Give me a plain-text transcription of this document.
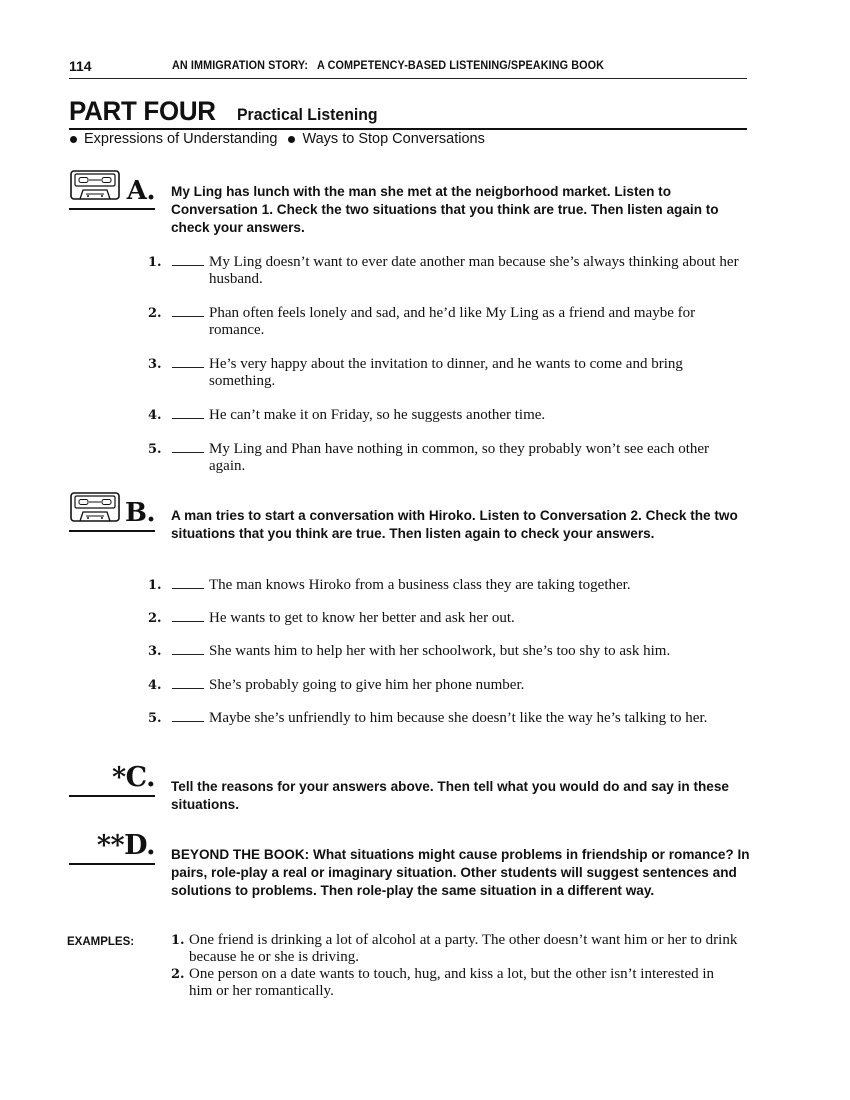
114	AN IMMIGRATION STORY:   A COMPETENCY-BASED LISTENING/SPEAKING BOOK
PART FOUR Practical Listening
Expressions of Understanding Ways to Stop Conversations
A. My Ling has lunch with the man she met at the neigborhood market. Listen to Conversation 1. Check the two situations that you think are true. Then listen again to check your answers.
1.	My Ling doesn’t want to ever date another man because she’s always thinking about her husband.
2.	Phan often feels lonely and sad, and he’d like My Ling as a friend and maybe for romance.
3.	He’s very happy about the invitation to dinner, and he wants to come and bring something.
4.	He can’t make it on Friday, so he suggests another time.
5.	My Ling and Phan have nothing in common, so they probably won’t see each other again.
B. A man tries to start a conversation with Hiroko. Listen to Conversation 2. Check the two situations that you think are true. Then listen again to check your answers.
1.	The man knows Hiroko from a business class they are taking together.
2.	He wants to get to know her better and ask her out.
3.	She wants him to help her with her schoolwork, but she’s too shy to ask him.
4.	She’s probably going to give him her phone number.
5.	Maybe she’s unfriendly to him because she doesn’t like the way he’s talking to her.
*C. Tell the reasons for your answers above. Then tell what you would do and say in these situations.
**D. BEYOND THE BOOK: What situations might cause problems in friendship or romance? In pairs, role-play a real or imaginary situation. Other students will suggest sentences and solutions to problems. Then role-play the same situation in a different way.
EXAMPLES:	1. One friend is drinking a lot of alcohol at a party. The other doesn’t want him or her to drink because he or she is driving.
2. One person on a date wants to touch, hug, and kiss a lot, but the other isn’t interested in him or her romantically.
